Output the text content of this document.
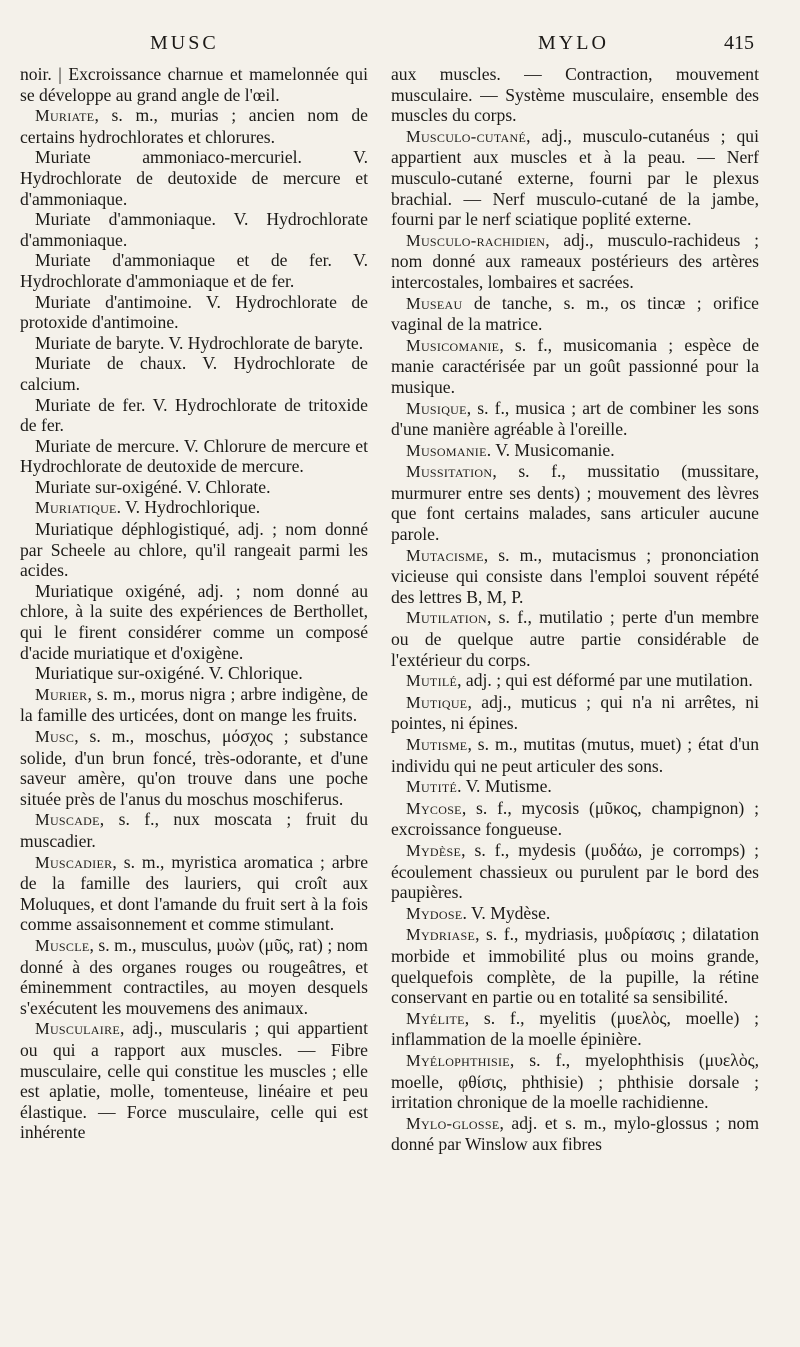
MUSC	MYLO	415

noir. | Excroissance charnue et mamelonnée qui se développe au grand angle de l'œil.

Muriate, s. m., murias ; ancien nom de certains hydrochlorates et chlorures.

Muriate ammoniaco-mercuriel. V. Hydrochlorate de deutoxide de mercure et d'ammoniaque.

Muriate d'ammoniaque. V. Hydrochlorate d'ammoniaque.

Muriate d'ammoniaque et de fer. V. Hydrochlorate d'ammoniaque et de fer.

Muriate d'antimoine. V. Hydrochlorate de protoxide d'antimoine.

Muriate de baryte. V. Hydrochlorate de baryte.

Muriate de chaux. V. Hydrochlorate de calcium.

Muriate de fer. V. Hydrochlorate de tritoxide de fer.

Muriate de mercure. V. Chlorure de mercure et Hydrochlorate de deutoxide de mercure.

Muriate sur-oxigéné. V. Chlorate.

Muriatique. V. Hydrochlorique.

Muriatique déphlogistiqué, adj. ; nom donné par Scheele au chlore, qu'il rangeait parmi les acides.

Muriatique oxigéné, adj. ; nom donné au chlore, à la suite des expériences de Berthollet, qui le firent considérer comme un composé d'acide muriatique et d'oxigène.

Muriatique sur-oxigéné. V. Chlorique.

Murier, s. m., morus nigra ; arbre indigène, de la famille des urticées, dont on mange les fruits.

Musc, s. m., moschus, μόσχος ; substance solide, d'un brun foncé, très-odorante, et d'une saveur amère, qu'on trouve dans une poche située près de l'anus du moschus moschiferus.

Muscade, s. f., nux moscata ; fruit du muscadier.

Muscadier, s. m., myristica aromatica ; arbre de la famille des lauriers, qui croît aux Moluques, et dont l'amande du fruit sert à la fois comme assaisonnement et comme stimulant.

Muscle, s. m., musculus, μυὼν (μῦς, rat) ; nom donné à des organes rouges ou rougeâtres, et éminemment contractiles, au moyen desquels s'exécutent les mouvemens des animaux.

Musculaire, adj., muscularis ; qui appartient ou qui a rapport aux muscles. — Fibre musculaire, celle qui constitue les muscles ; elle est aplatie, molle, tomenteuse, linéaire et peu élastique. — Force musculaire, celle qui est inhérente

aux muscles. — Contraction, mouvement musculaire. — Système musculaire, ensemble des muscles du corps.

Musculo-cutané, adj., musculo-cutanéus ; qui appartient aux muscles et à la peau. — Nerf musculo-cutané externe, fourni par le plexus brachial. — Nerf musculo-cutané de la jambe, fourni par le nerf sciatique poplité externe.

Musculo-rachidien, adj., musculo-rachideus ; nom donné aux rameaux postérieurs des artères intercostales, lombaires et sacrées.

Museau de tanche, s. m., os tincæ ; orifice vaginal de la matrice.

Musicomanie, s. f., musicomania ; espèce de manie caractérisée par un goût passionné pour la musique.

Musique, s. f., musica ; art de combiner les sons d'une manière agréable à l'oreille.

Musomanie. V. Musicomanie.

Mussitation, s. f., mussitatio (mussitare, murmurer entre ses dents) ; mouvement des lèvres que font certains malades, sans articuler aucune parole.

Mutacisme, s. m., mutacismus ; prononciation vicieuse qui consiste dans l'emploi souvent répété des lettres B, M, P.

Mutilation, s. f., mutilatio ; perte d'un membre ou de quelque autre partie considérable de l'extérieur du corps.

Mutilé, adj. ; qui est déformé par une mutilation.

Mutique, adj., muticus ; qui n'a ni arrêtes, ni pointes, ni épines.

Mutisme, s. m., mutitas (mutus, muet) ; état d'un individu qui ne peut articuler des sons.

Mutité. V. Mutisme.

Mycose, s. f., mycosis (μῦκος, champignon) ; excroissance fongueuse.

Mydèse, s. f., mydesis (μυδάω, je corromps) ; écoulement chassieux ou purulent par le bord des paupières.

Mydose. V. Mydèse.

Mydriase, s. f., mydriasis, μυδρίασις ; dilatation morbide et immobilité plus ou moins grande, quelquefois complète, de la pupille, la rétine conservant en partie ou en totalité sa sensibilité.

Myélite, s. f., myelitis (μυελὸς, moelle) ; inflammation de la moelle épinière.

Myélophthisie, s. f., myelophthisis (μυελὸς, moelle, φθίσις, phthisie) ; phthisie dorsale ; irritation chronique de la moelle rachidienne.

Mylo-glosse, adj. et s. m., mylo-glossus ; nom donné par Winslow aux fibres
